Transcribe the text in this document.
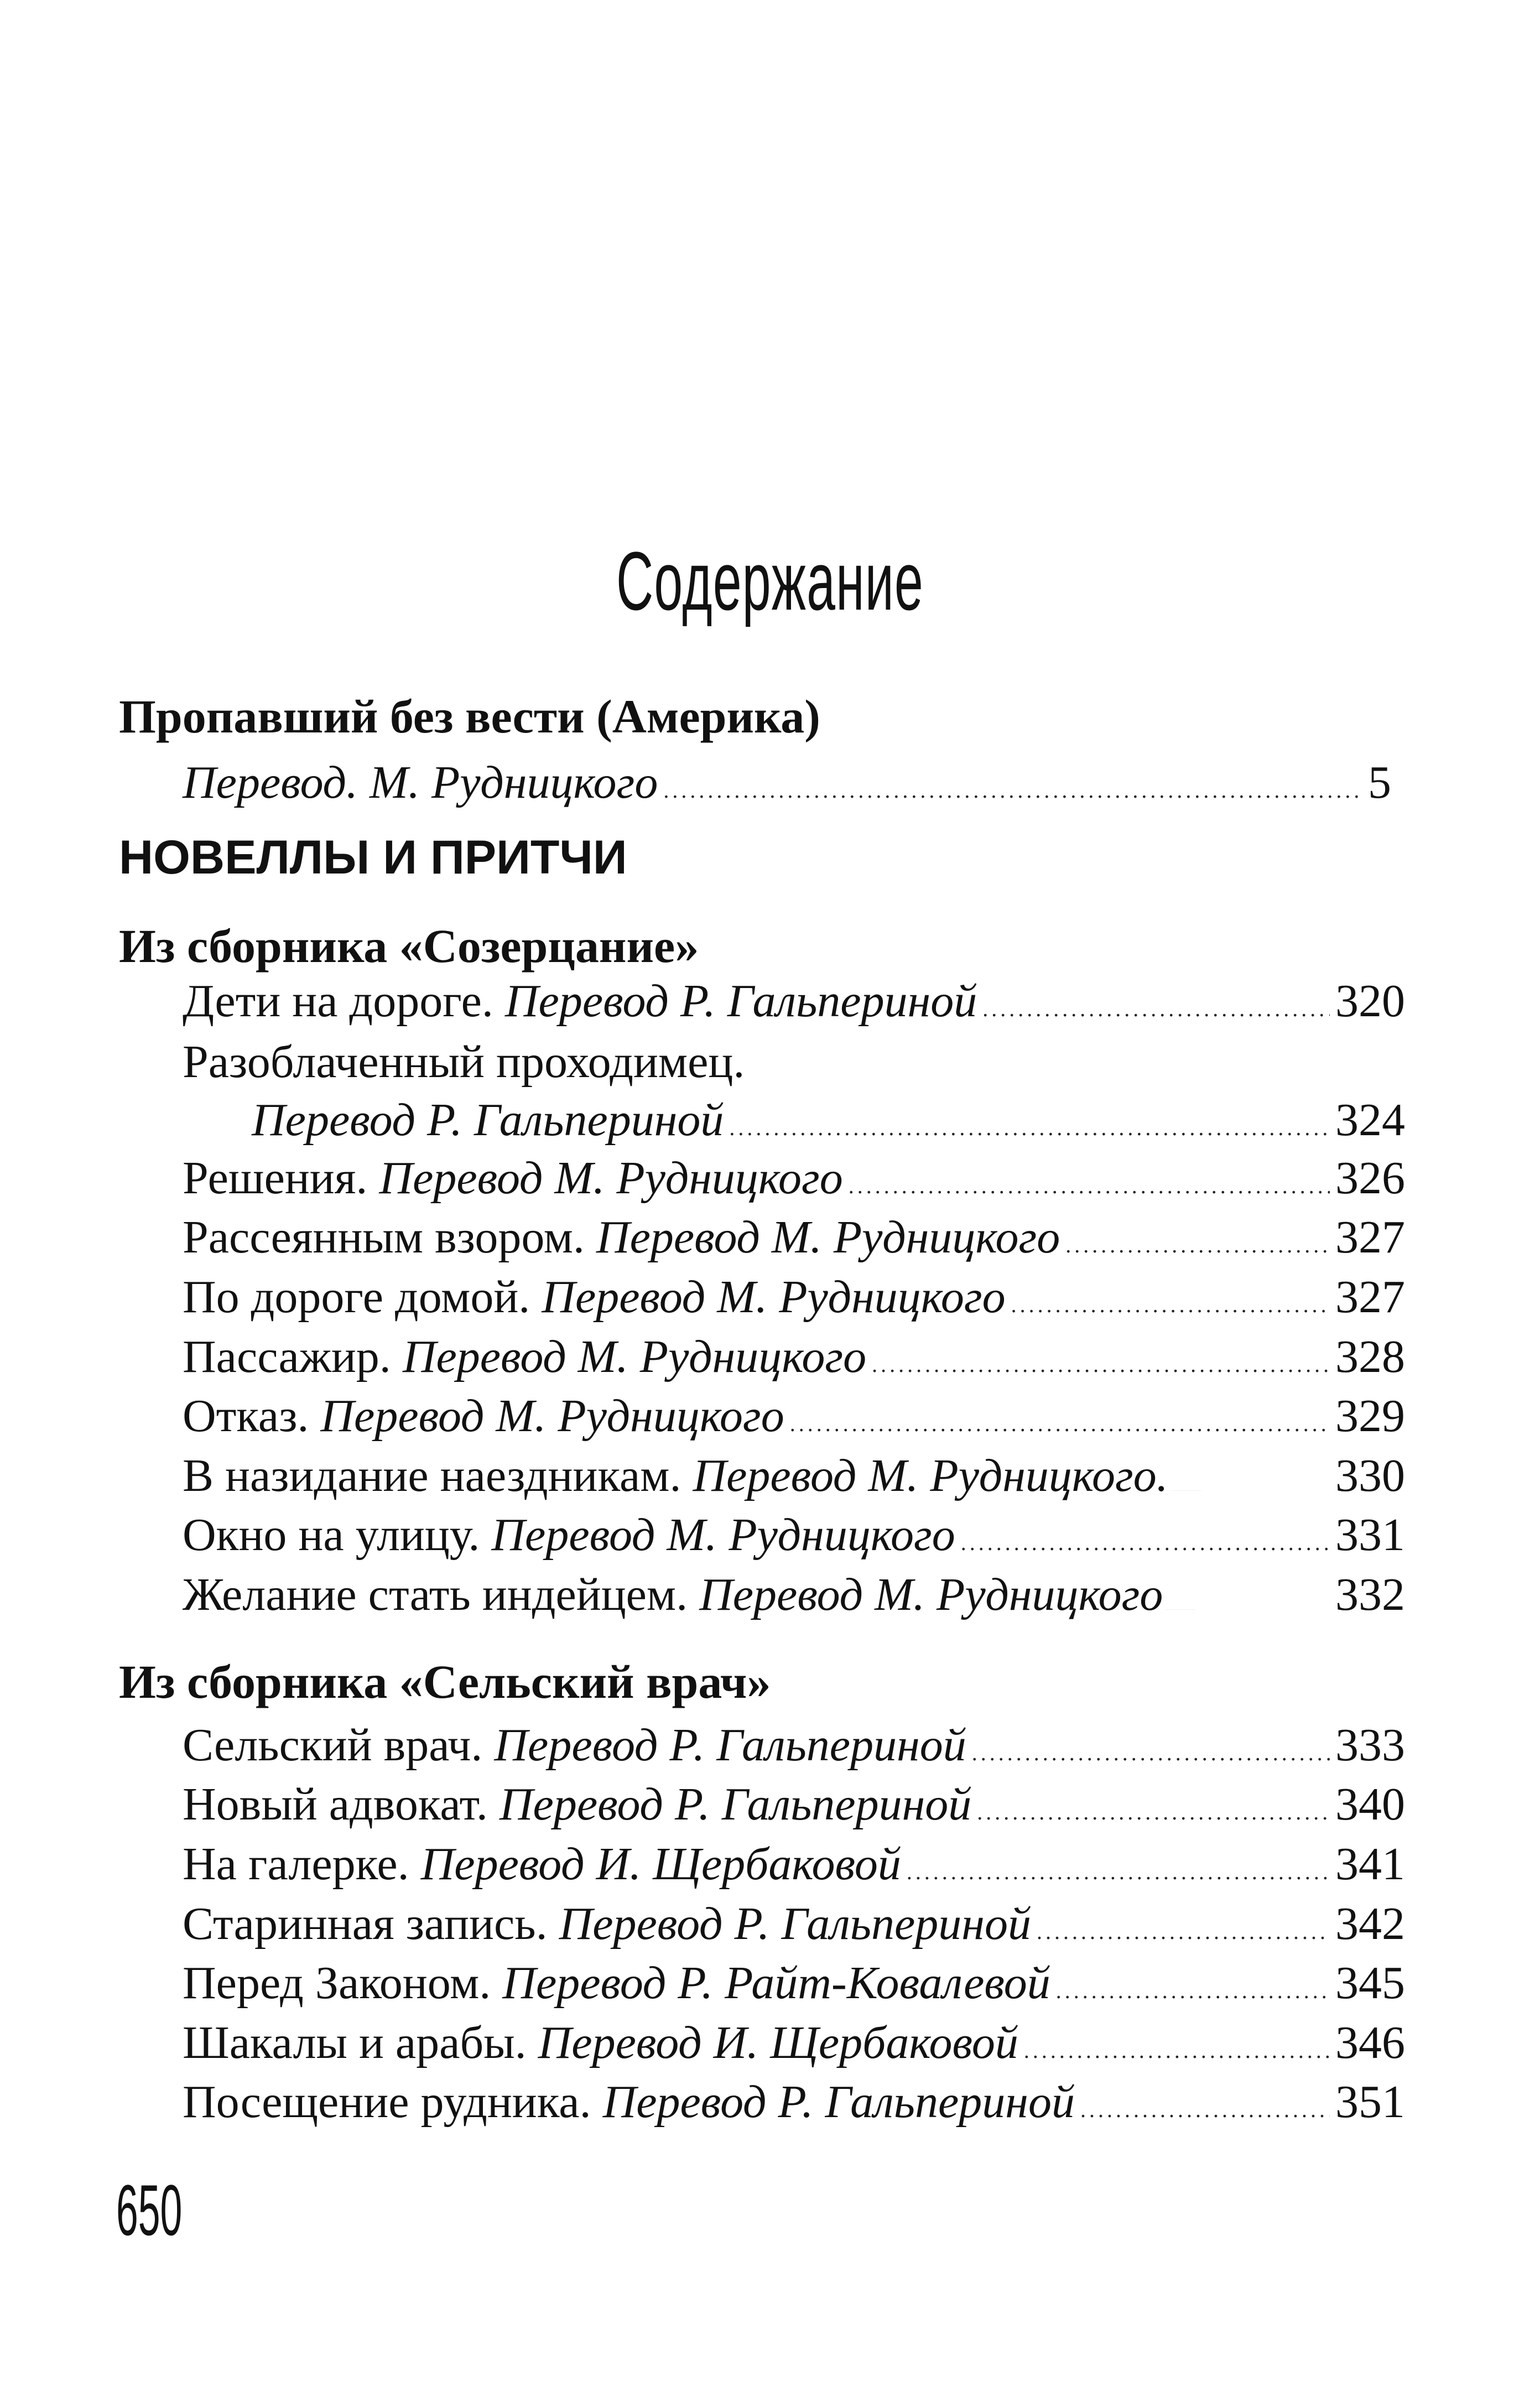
Содержание
Пропавший без вести (Америка)
Перевод. М. Рудницкого .....	5
НОВЕЛЛЫ И ПРИТЧИ
Из сборника «Созерцание»
Дети на дороге. Перевод Р. Гальпериной .....	320
Разоблаченный проходимец.
Перевод Р. Гальпериной .....	324
Решения. Перевод М. Рудницкого .....	326
Рассеянным взором. Перевод М. Рудницкого .....	327
По дороге домой. Перевод М. Рудницкого .....	327
Пассажир. Перевод М. Рудницкого .....	328
Отказ. Перевод М. Рудницкого .....	329
В назидание наездникам. Перевод М. Рудницкого. .....	330
Окно на улицу. Перевод М. Рудницкого .....	331
Желание стать индейцем. Перевод М. Рудницкого .....	332
Из сборника «Сельский врач»
Сельский врач. Перевод Р. Гальпериной .....	333
Новый адвокат. Перевод Р. Гальпериной .....	340
На галерке. Перевод И. Щербаковой .....	341
Старинная запись. Перевод Р. Гальпериной .....	342
Перед Законом. Перевод Р. Райт-Ковалевой .....	345
Шакалы и арабы. Перевод И. Щербаковой .....	346
Посещение рудника. Перевод Р. Гальпериной .....	351
650
